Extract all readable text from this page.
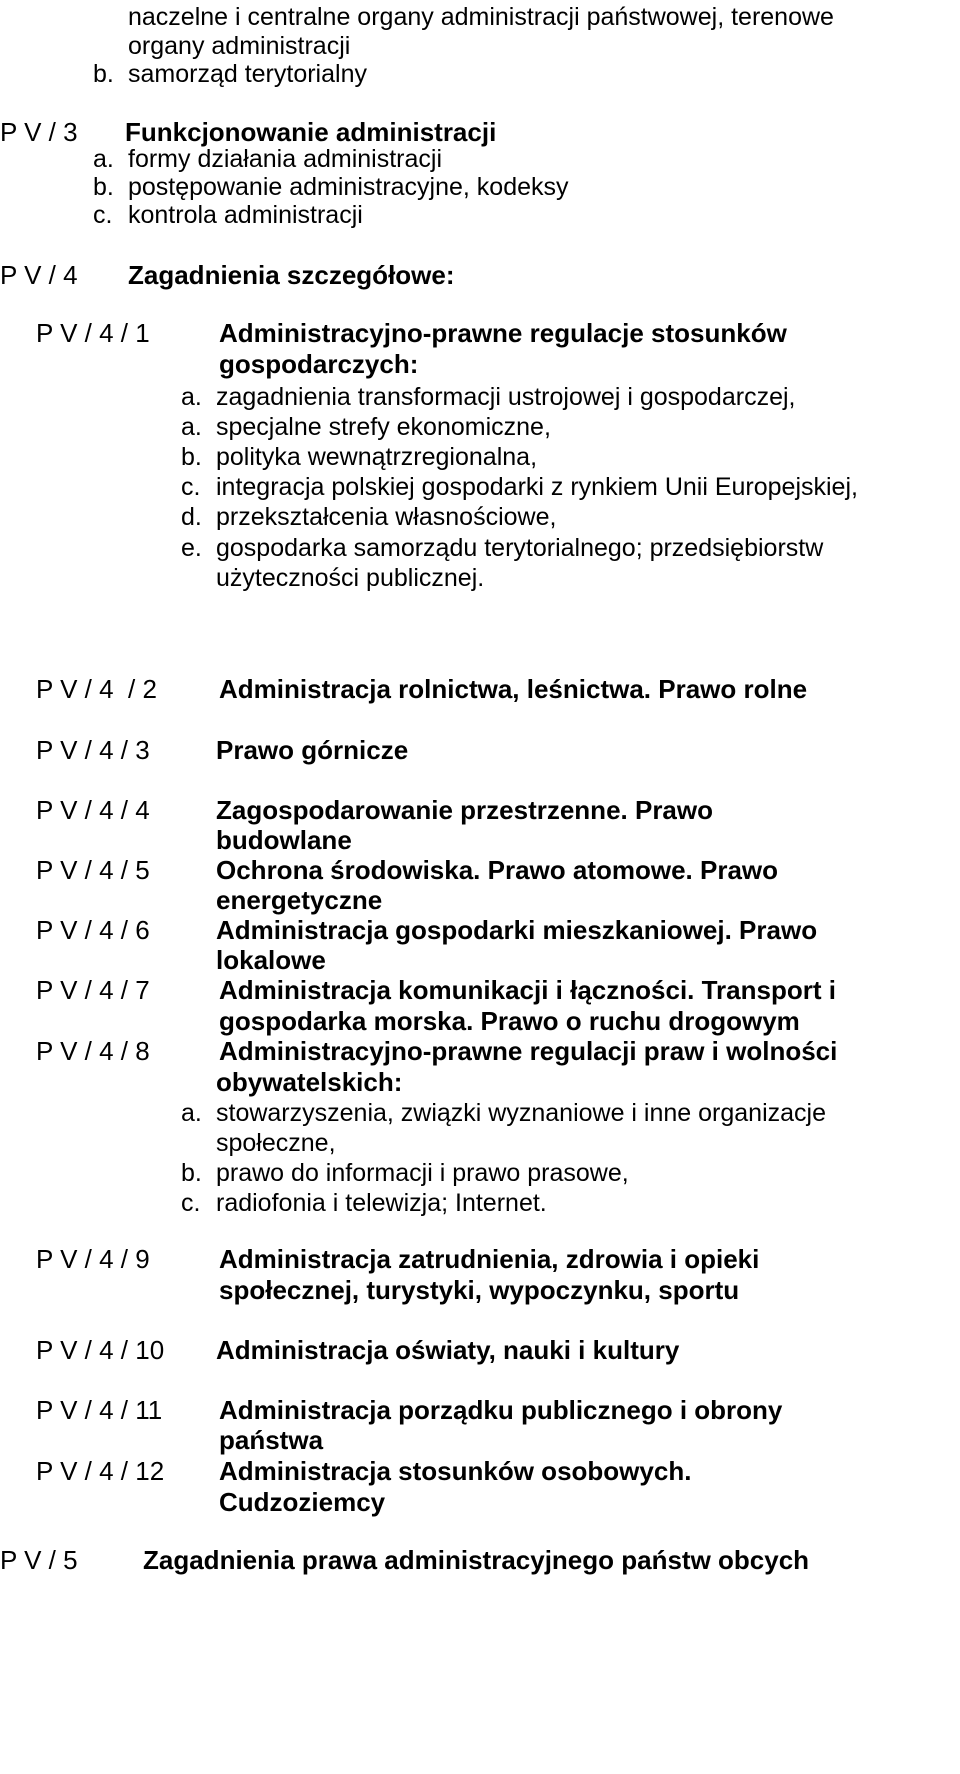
naczelne i centralne organy administracji państwowej, terenowe
organy administracji
b. samorząd terytorialny
P V / 3 Funkcjonowanie administracji
a. formy działania administracji
b. postępowanie administracyjne, kodeksy
c. kontrola administracji
P V / 4 Zagadnienia szczegółowe:
P V / 4 / 1	Administracyjno-prawne regulacje stosunków
gospodarczych:
a. zagadnienia transformacji ustrojowej i gospodarczej,
a. specjalne strefy ekonomiczne,
b. polityka wewnątrzregionalna,
c. integracja polskiej gospodarki z rynkiem Unii Europejskiej,
d. przekształcenia własnościowe,
e. gospodarka samorządu terytorialnego; przedsiębiorstw
użyteczności publicznej.
P V / 4  / 2 Administracja rolnictwa, leśnictwa. Prawo rolne
P V / 4 / 3	Prawo górnicze
P V / 4 / 4	Zagospodarowanie przestrzenne. Prawo
budowlane
P V / 4 / 5	Ochrona środowiska. Prawo atomowe. Prawo
energetyczne
P V / 4 / 6	Administracja gospodarki mieszkaniowej. Prawo
lokalowe
P V / 4 / 7	Administracja komunikacji i łączności. Transport i
gospodarka morska. Prawo o ruchu drogowym
P V / 4 / 8	Administracyjno-prawne regulacji praw i wolności
obywatelskich:
a. stowarzyszenia, związki wyznaniowe i inne organizacje
społeczne,
b. prawo do informacji i prawo prasowe,
c. radiofonia i telewizja; Internet.
P V / 4 / 9	Administracja zatrudnienia, zdrowia i opieki
społecznej, turystyki, wypoczynku, sportu
P V / 4 / 10 Administracja oświaty, nauki i kultury
P V / 4 / 11 Administracja porządku publicznego i obrony
państwa
P V / 4 / 12 Administracja stosunków osobowych.
Cudzoziemcy
P V / 5	Zagadnienia prawa administracyjnego państw obcych
